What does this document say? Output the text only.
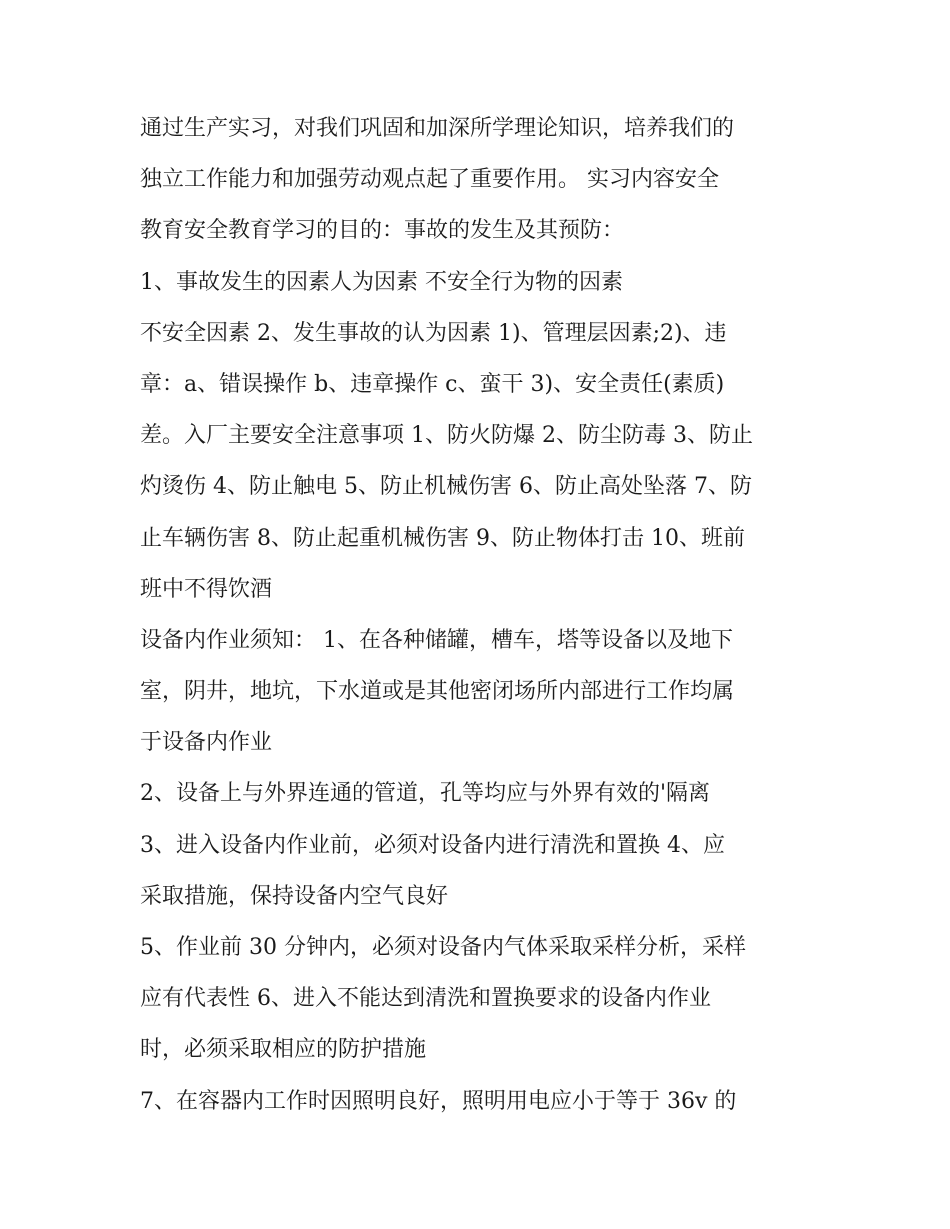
通过生产实习，对我们巩固和加深所学理论知识，培养我们的
独立工作能力和加强劳动观点起了重要作用。 实习内容安全
教育安全教育学习的目的：事故的发生及其预防：
1、事故发生的因素人为因素 不安全行为物的因素
不安全因素 2、发生事故的认为因素 1)、管理层因素;2)、违
章：a、错误操作 b、违章操作 c、蛮干 3)、安全责任(素质)
差。入厂主要安全注意事项 1、防火防爆 2、防尘防毒 3、防止
灼烫伤 4、防止触电 5、防止机械伤害 6、防止高处坠落 7、防
止车辆伤害 8、防止起重机械伤害 9、防止物体打击 10、班前
班中不得饮酒
设备内作业须知： 1、在各种储罐，槽车，塔等设备以及地下
室，阴井，地坑，下水道或是其他密闭场所内部进行工作均属
于设备内作业
2、设备上与外界连通的管道，孔等均应与外界有效的'隔离
3、进入设备内作业前，必须对设备内进行清洗和置换 4、应
采取措施，保持设备内空气良好
5、作业前 30 分钟内，必须对设备内气体采取采样分析，采样
应有代表性 6、进入不能达到清洗和置换要求的设备内作业
时，必须采取相应的防护措施
7、在容器内工作时因照明良好，照明用电应小于等于 36v 的
